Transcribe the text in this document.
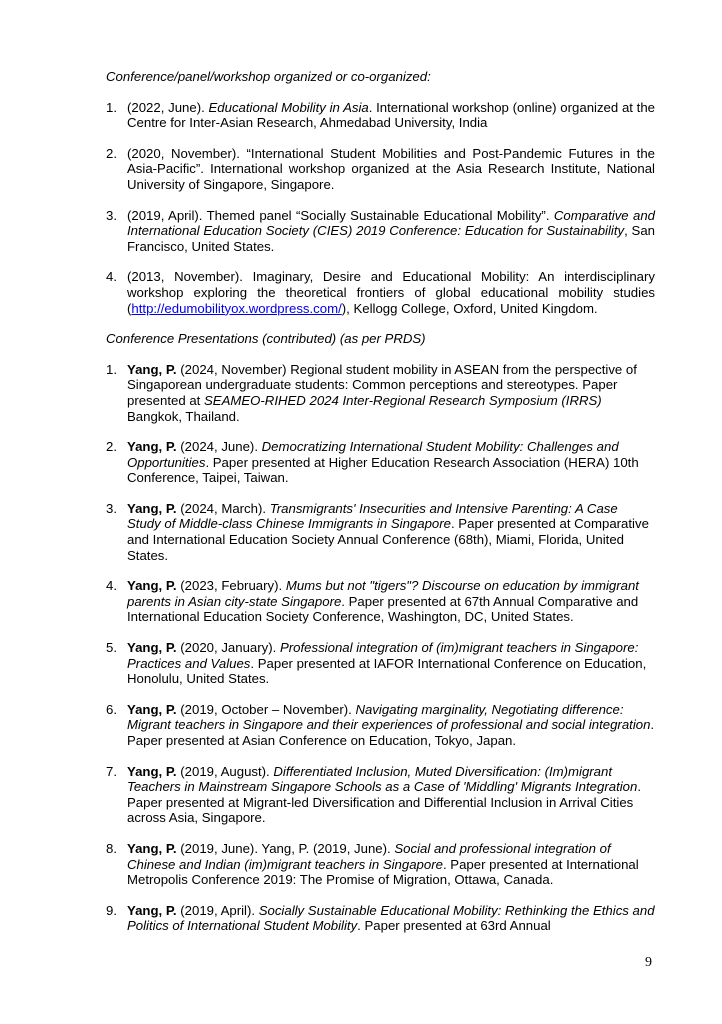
Conference/panel/workshop organized or co-organized:

1. (2022, June). Educational Mobility in Asia. International workshop (online) organized at the Centre for Inter-Asian Research, Ahmedabad University, India
2. (2020, November). “International Student Mobilities and Post-Pandemic Futures in the Asia-Pacific”. International workshop organized at the Asia Research Institute, National University of Singapore, Singapore.
3. (2019, April). Themed panel “Socially Sustainable Educational Mobility”. Comparative and International Education Society (CIES) 2019 Conference: Education for Sustainability, San Francisco, United States.
4. (2013, November). Imaginary, Desire and Educational Mobility: An interdisciplinary workshop exploring the theoretical frontiers of global educational mobility studies (http://edumobilityox.wordpress.com/), Kellogg College, Oxford, United Kingdom.

Conference Presentations (contributed) (as per PRDS)

1. Yang, P. (2024, November) Regional student mobility in ASEAN from the perspective of Singaporean undergraduate students: Common perceptions and stereotypes. Paper presented at SEAMEO-RIHED 2024 Inter-Regional Research Symposium (IRRS) Bangkok, Thailand.
2. Yang, P. (2024, June). Democratizing International Student Mobility: Challenges and Opportunities. Paper presented at Higher Education Research Association (HERA) 10th Conference, Taipei, Taiwan.
3. Yang, P. (2024, March). Transmigrants' Insecurities and Intensive Parenting: A Case Study of Middle-class Chinese Immigrants in Singapore. Paper presented at Comparative and International Education Society Annual Conference (68th), Miami, Florida, United States.
4. Yang, P. (2023, February). Mums but not "tigers"? Discourse on education by immigrant parents in Asian city-state Singapore. Paper presented at 67th Annual Comparative and International Education Society Conference, Washington, DC, United States.
5. Yang, P. (2020, January). Professional integration of (im)migrant teachers in Singapore: Practices and Values. Paper presented at IAFOR International Conference on Education, Honolulu, United States.
6. Yang, P. (2019, October – November). Navigating marginality, Negotiating difference: Migrant teachers in Singapore and their experiences of professional and social integration. Paper presented at Asian Conference on Education, Tokyo, Japan.
7. Yang, P. (2019, August). Differentiated Inclusion, Muted Diversification: (Im)migrant Teachers in Mainstream Singapore Schools as a Case of 'Middling' Migrants Integration. Paper presented at Migrant-led Diversification and Differential Inclusion in Arrival Cities across Asia, Singapore.
8. Yang, P. (2019, June). Yang, P. (2019, June). Social and professional integration of Chinese and Indian (im)migrant teachers in Singapore. Paper presented at International Metropolis Conference 2019: The Promise of Migration, Ottawa, Canada.
9. Yang, P. (2019, April). Socially Sustainable Educational Mobility: Rethinking the Ethics and Politics of International Student Mobility. Paper presented at 63rd Annual
9
